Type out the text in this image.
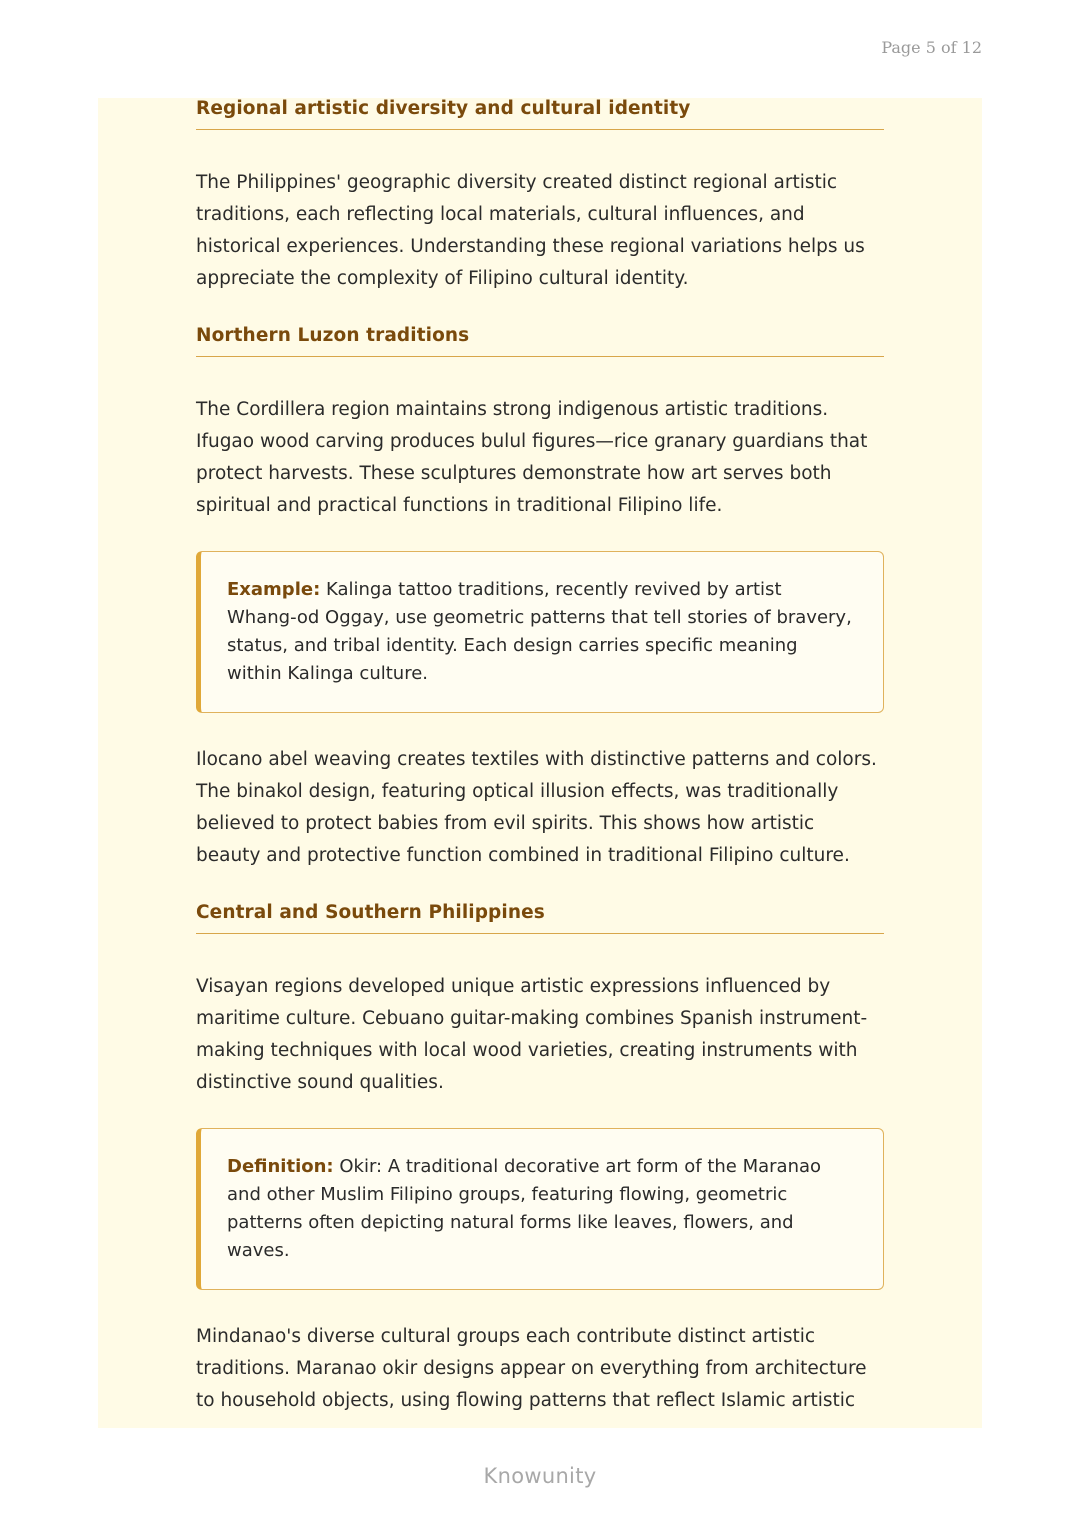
Page 5 of 12
Regional artistic diversity and cultural identity

The Philippines' geographic diversity created distinct regional artistic traditions, each reflecting local materials, cultural influences, and historical experiences. Understanding these regional variations helps us appreciate the complexity of Filipino cultural identity.

Northern Luzon traditions

The Cordillera region maintains strong indigenous artistic traditions. Ifugao wood carving produces bulul figures—rice granary guardians that protect harvests. These sculptures demonstrate how art serves both spiritual and practical functions in traditional Filipino life.

Example: Kalinga tattoo traditions, recently revived by artist Whang-od Oggay, use geometric patterns that tell stories of bravery, status, and tribal identity. Each design carries specific meaning within Kalinga culture.

Ilocano abel weaving creates textiles with distinctive patterns and colors. The binakol design, featuring optical illusion effects, was traditionally believed to protect babies from evil spirits. This shows how artistic beauty and protective function combined in traditional Filipino culture.

Central and Southern Philippines

Visayan regions developed unique artistic expressions influenced by maritime culture. Cebuano guitar-making combines Spanish instrument-making techniques with local wood varieties, creating instruments with distinctive sound qualities.

Definition: Okir: A traditional decorative art form of the Maranao and other Muslim Filipino groups, featuring flowing, geometric patterns often depicting natural forms like leaves, flowers, and waves.

Mindanao's diverse cultural groups each contribute distinct artistic traditions. Maranao okir designs appear on everything from architecture to household objects, using flowing patterns that reflect Islamic artistic

Knowunity
